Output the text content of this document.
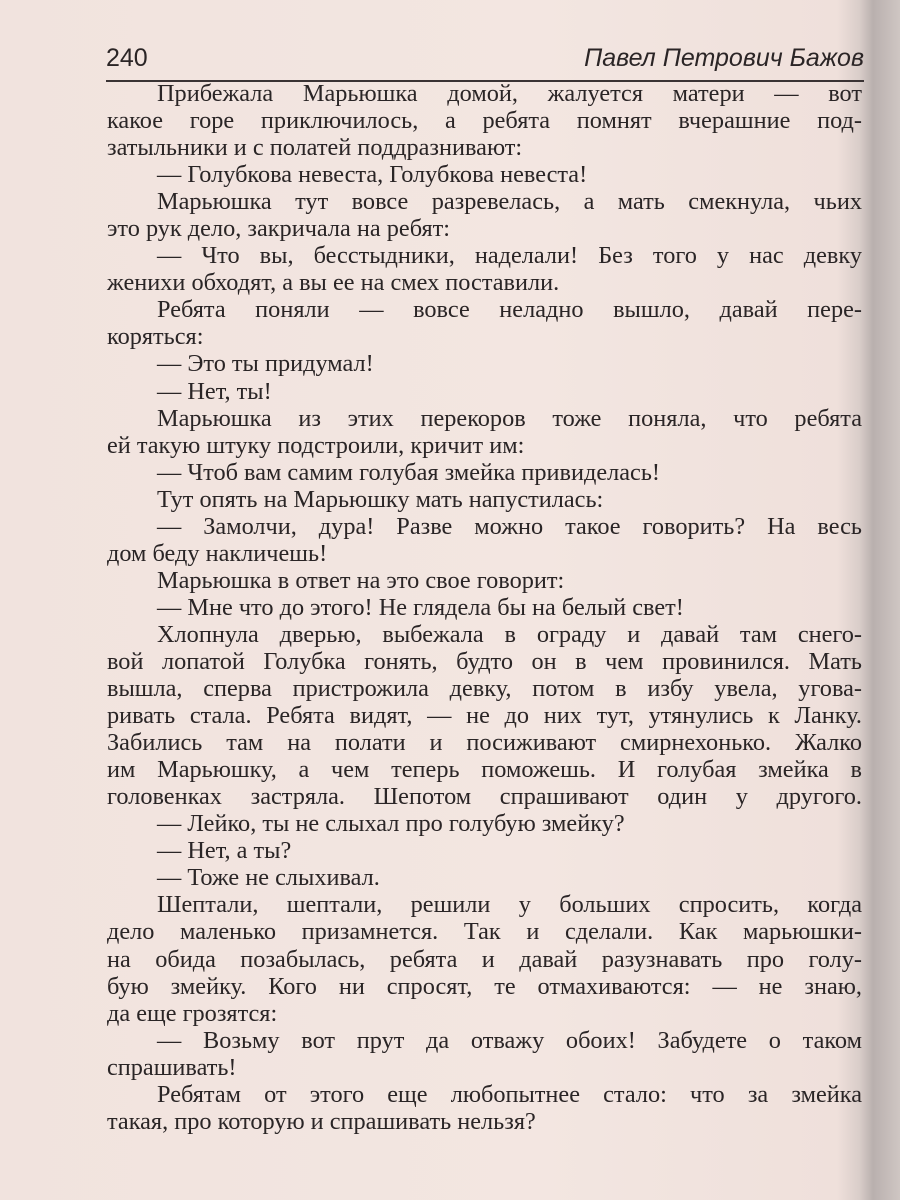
240	Павел Петрович Бажов
Прибежала Марьюшка домой, жалуется матери — вот
какое горе приключилось, а ребята помнят вчерашние под-
затыльники и с полатей поддразнивают:
— Голубкова невеста, Голубкова невеста!
Марьюшка тут вовсе разревелась, а мать смекнула, чьих
это рук дело, закричала на ребят:
— Что вы, бесстыдники, наделали! Без того у нас девку
женихи обходят, а вы ее на смех поставили.
Ребята поняли — вовсе неладно вышло, давай пере-
коряться:
— Это ты придумал!
— Нет, ты!
Марьюшка из этих перекоров тоже поняла, что ребята
ей такую штуку подстроили, кричит им:
— Чтоб вам самим голубая змейка привиделась!
Тут опять на Марьюшку мать напустилась:
— Замолчи, дура! Разве можно такое говорить? На весь
дом беду накличешь!
Марьюшка в ответ на это свое говорит:
— Мне что до этого! Не глядела бы на белый свет!
Хлопнула дверью, выбежала в ограду и давай там снего-
вой лопатой Голубка гонять, будто он в чем провинился. Мать
вышла, сперва пристрожила девку, потом в избу увела, угова-
ривать стала. Ребята видят, — не до них тут, утянулись к Ланку.
Забились там на полати и посиживают смирнехонько. Жалко
им Марьюшку, а чем теперь поможешь. И голубая змейка в
головенках застряла. Шепотом спрашивают один у другого.
— Лейко, ты не слыхал про голубую змейку?
— Нет, а ты?
— Тоже не слыхивал.
Шептали, шептали, решили у больших спросить, когда
дело маленько призамнется. Так и сделали. Как марьюшки-
на обида позабылась, ребята и давай разузнавать про голу-
бую змейку. Кого ни спросят, те отмахиваются: — не знаю,
да еще грозятся:
— Возьму вот прут да отважу обоих! Забудете о таком
спрашивать!
Ребятам от этого еще любопытнее стало: что за змейка
такая, про которую и спрашивать нельзя?
